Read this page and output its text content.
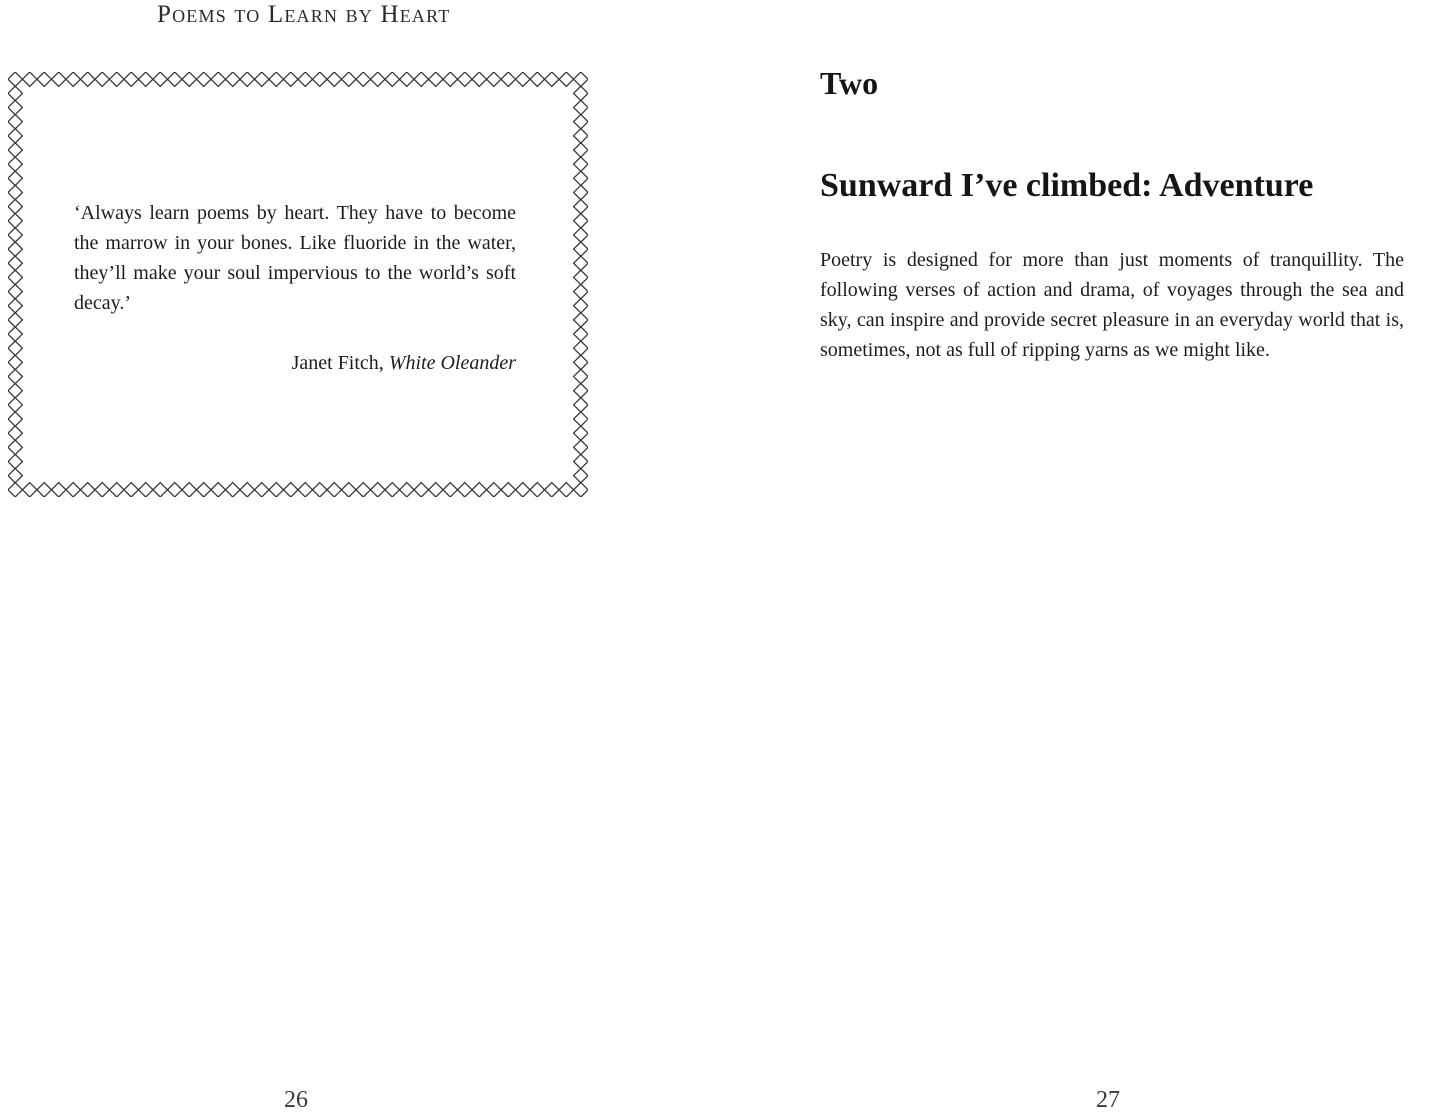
Poems to Learn by Heart
‘Always learn poems by heart. They have to become the marrow in your bones. Like fluoride in the water, they’ll make your soul impervious to the world’s soft decay.’
Janet Fitch, White Oleander
26
Two
Sunward I’ve climbed: Adventure
Poetry is designed for more than just moments of tranquillity. The following verses of action and drama, of voyages through the sea and sky, can inspire and provide secret pleasure in an everyday world that is, sometimes, not as full of ripping yarns as we might like.
27
